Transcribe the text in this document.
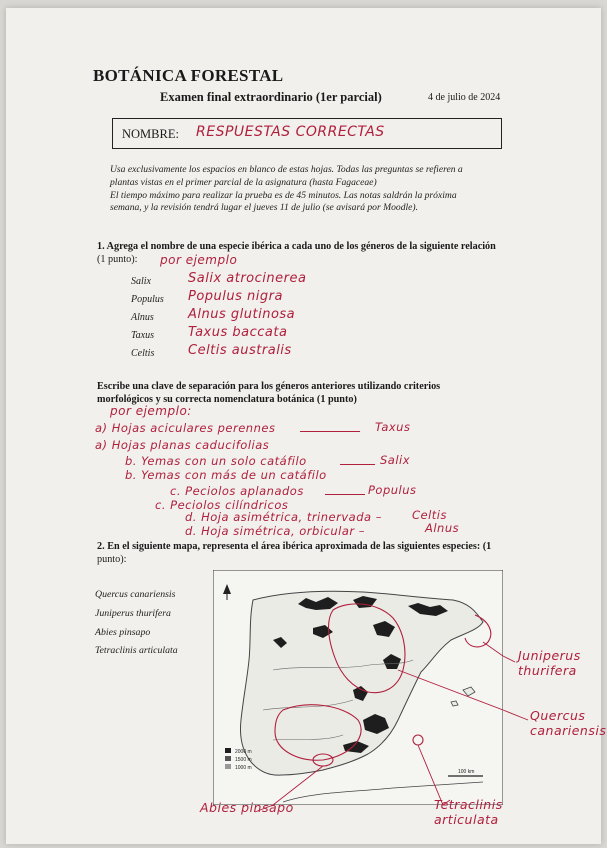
BOTÁNICA FORESTAL
Examen final extraordinario (1er parcial)	4 de julio de 2024
NOMBRE: RESPUESTAS CORRECTAS
Usa exclusivamente los espacios en blanco de estas hojas. Todas las preguntas se refieren a
plantas vistas en el primer parcial de la asignatura (hasta Fagaceae)
El tiempo máximo para realizar la prueba es de 45 minutos. Las notas saldrán la próxima
semana, y la revisión tendrá lugar el jueves 11 de julio (se avisará por Moodle).
1. Agrega el nombre de una especie ibérica a cada uno de los géneros de la siguiente relación
(1 punto):	por ejemplo
Salix	Salix atrocinerea
Populus Populus nigra
Alnus	Alnus glutinosa
Taxus	Taxus baccata
Celtis	Celtis australis
Escribe una clave de separación para los géneros anteriores utilizando criterios
morfológicos y su correcta nomenclatura botánica (1 punto)
por ejemplo:
a) Hojas aciculares perennes	Taxus
a) Hojas planas caducifolias
b. Yemas con un solo catáfilo	Salix
b. Yemas con más de un catáfilo
c. Peciolos aplanados	Populus
c. Peciolos cilíndricos
d. Hoja asimétrica, trinervada –	Celtis
d. Hoja simétrica, orbicular –	Alnus
2. En el siguiente mapa, representa el área ibérica aproximada de las siguientes especies: (1
punto):
Quercus canariensis
Juniperus thurifera
Abies pinsapo
Tetraclinis articulata
2000 m
1500 m
1000 m
100 km
Juniperus thurifera
Quercus canariensis
Abies pinsapo	Tetraclinis articulata
